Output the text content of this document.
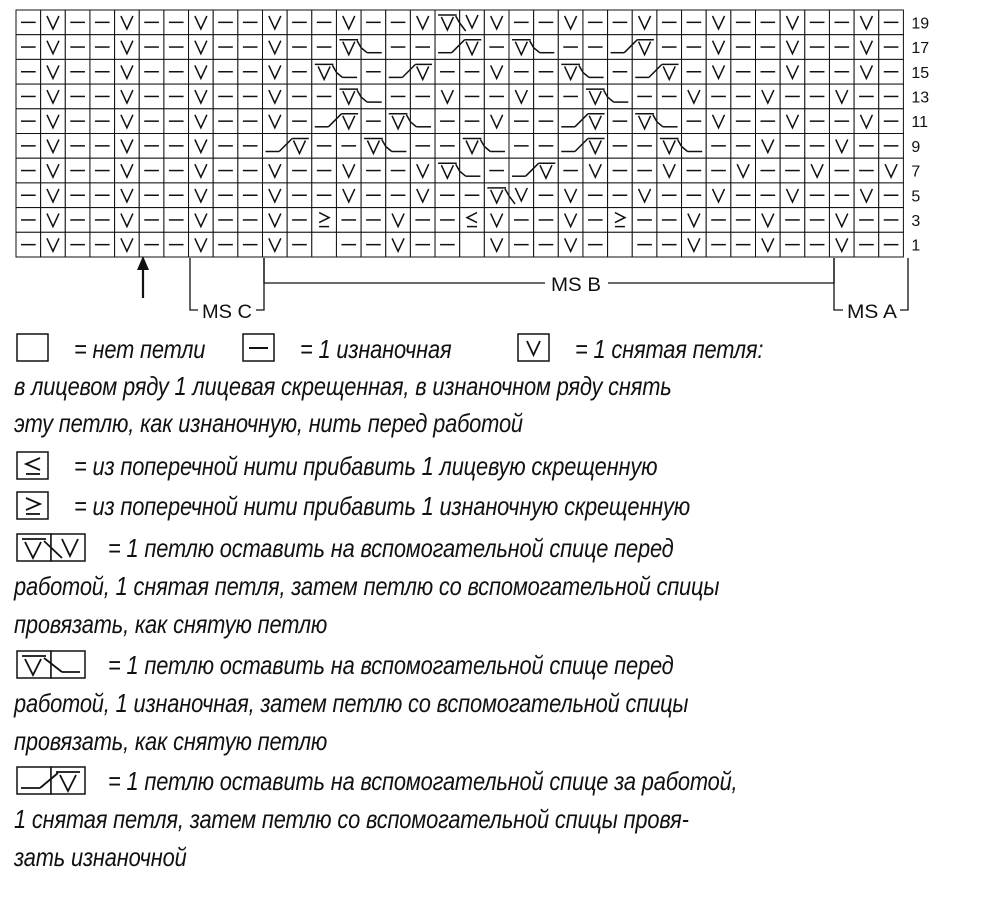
19
17
15
13
11
9
7
5
3
1
MS C
MS B
MS A
= нет петли	= 1 изнаночная	= 1 снятая петля:
в лицевом ряду 1 лицевая скрещенная, в изнаночном ряду снять
эту петлю, как изнаночную, нить перед работой
= из поперечной нити прибавить 1 лицевую скрещенную
= из поперечной нити прибавить 1 изнаночную скрещенную
= 1 петлю оставить на вспомогательной спице перед
работой, 1 снятая петля, затем петлю со вспомогательной спицы
провязать, как снятую петлю
= 1 петлю оставить на вспомогательной спице перед
работой, 1 изнаночная, затем петлю со вспомогательной спицы
провязать, как снятую петлю
= 1 петлю оставить на вспомогательной спице за работой,
1 снятая петля, затем петлю со вспомогательной спицы провя-
зать изнаночной
